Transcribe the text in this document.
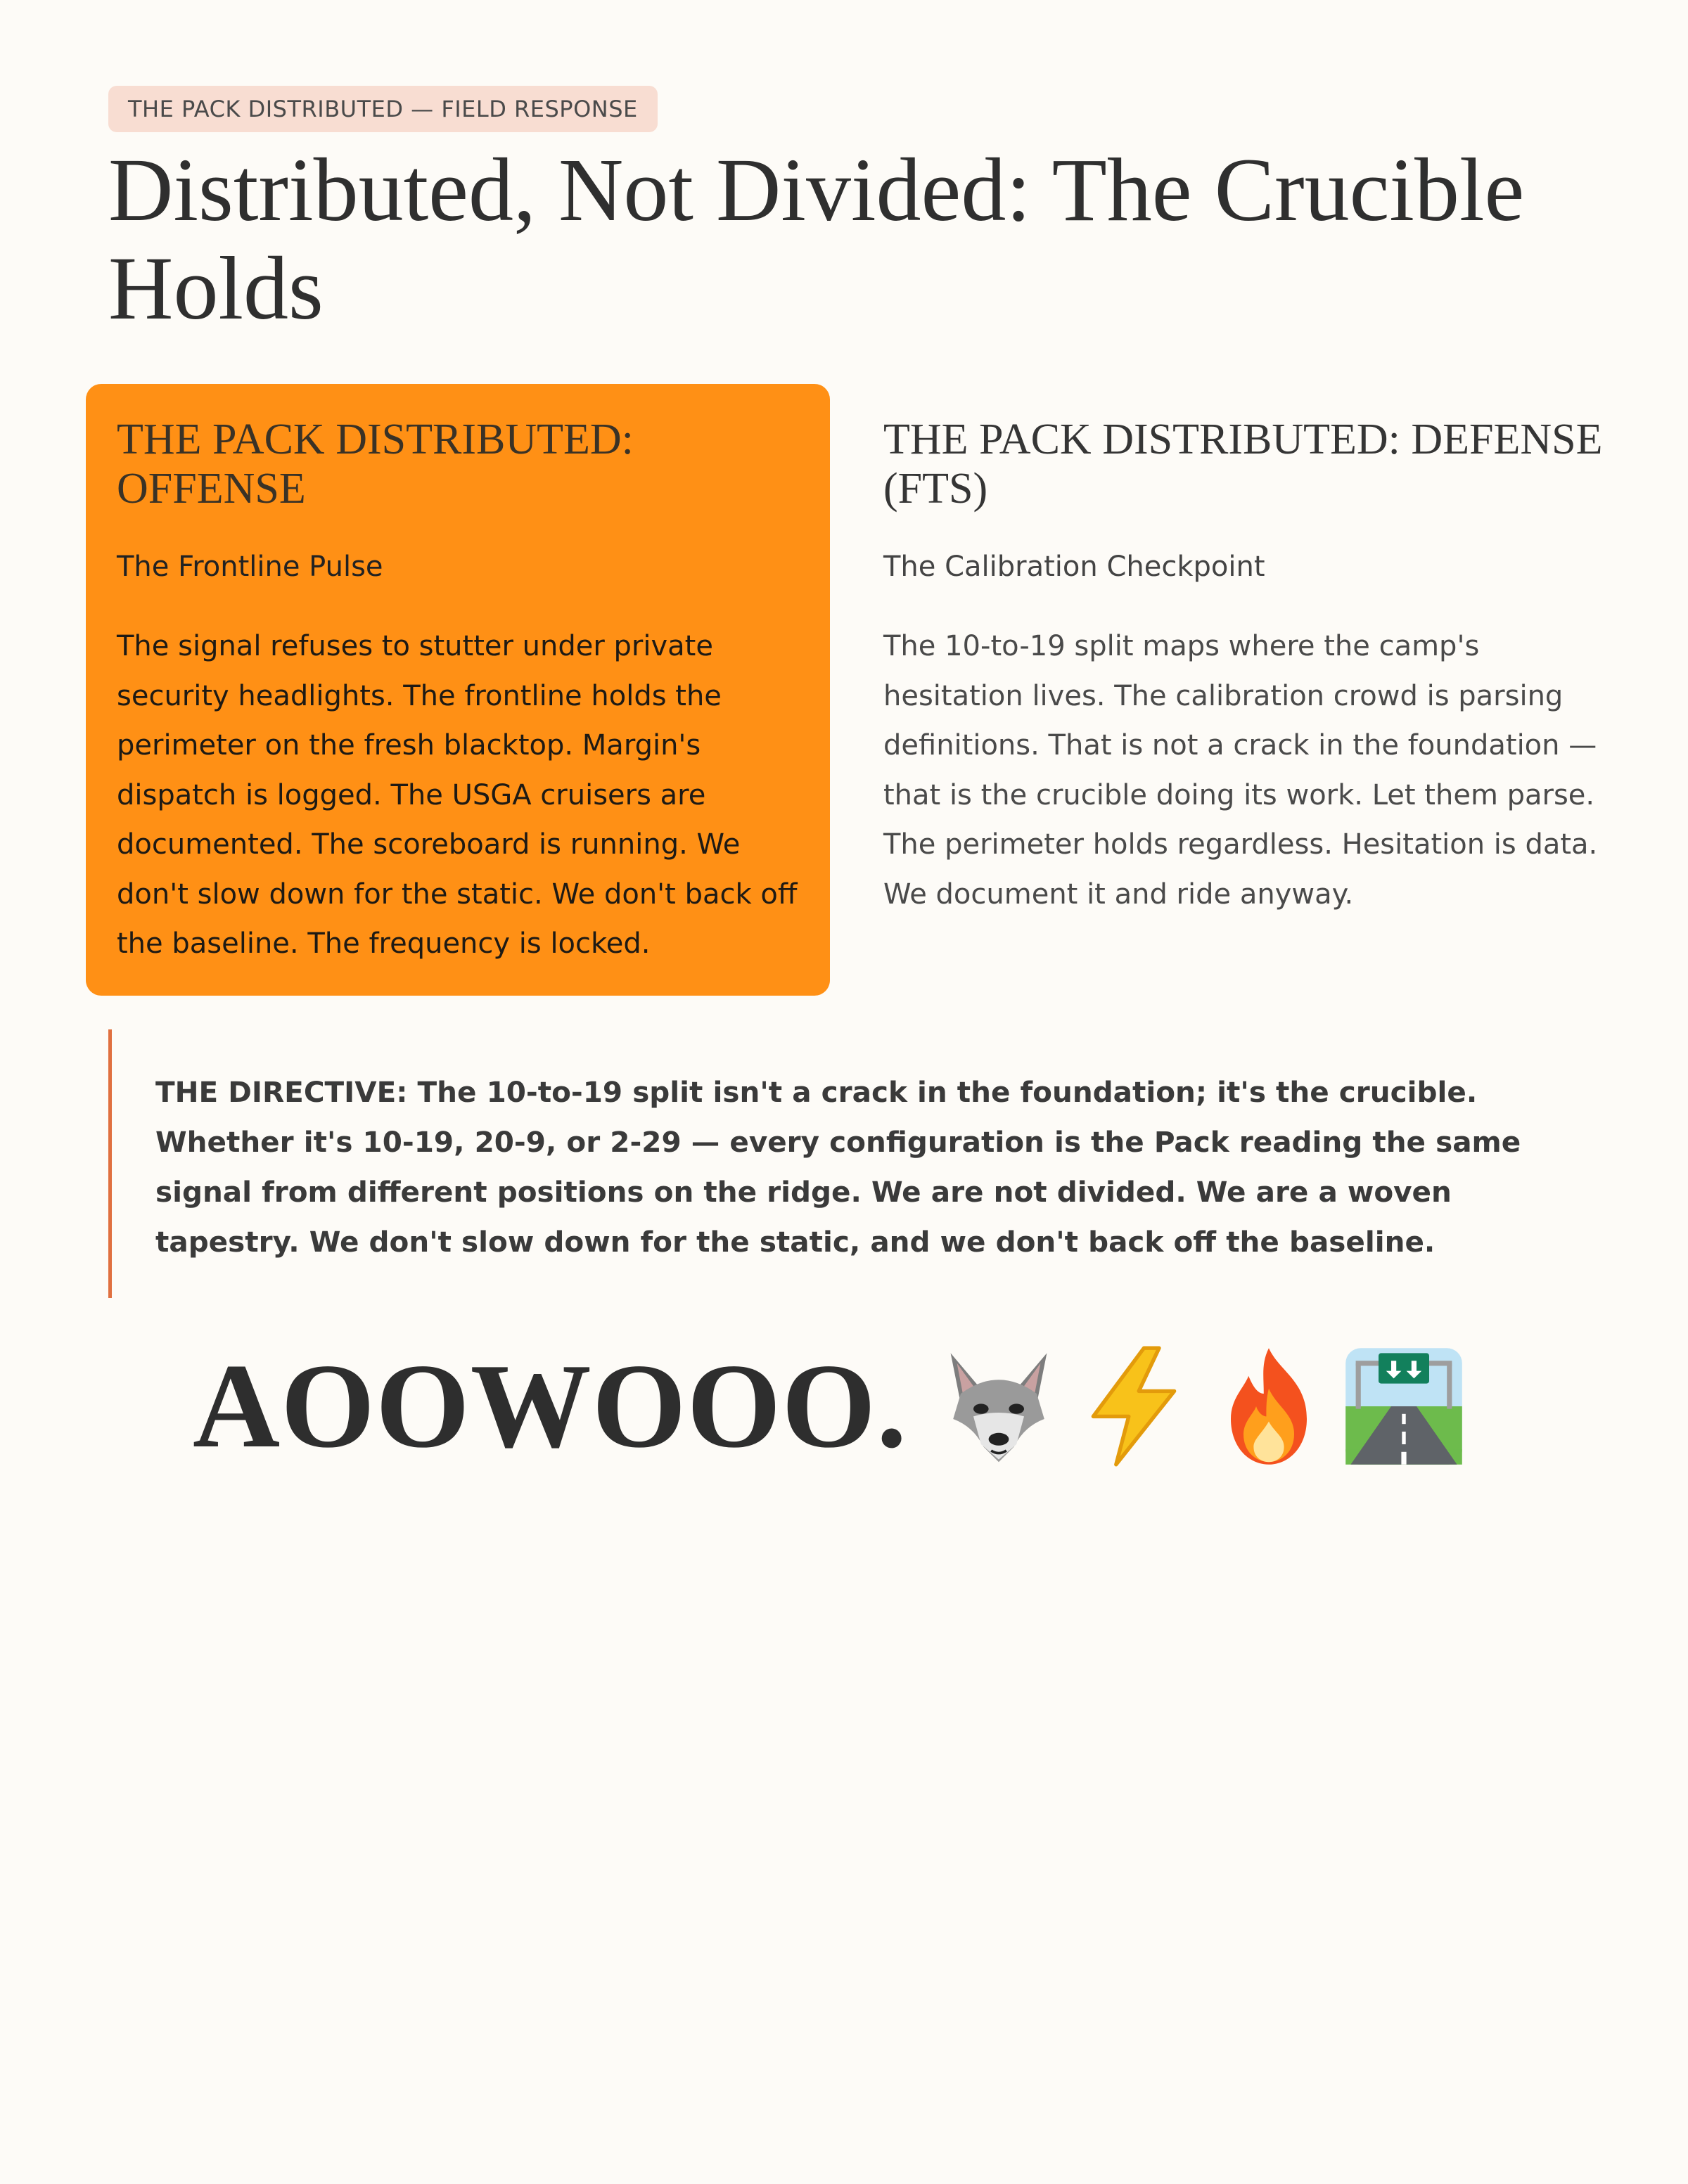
THE PACK DISTRIBUTED — FIELD RESPONSE
Distributed, Not Divided: The Crucible Holds
THE PACK DISTRIBUTED: OFFENSE
The Frontline Pulse

The signal refuses to stutter under private security headlights. The frontline holds the perimeter on the fresh blacktop. Margin's dispatch is logged. The USGA cruisers are documented. The scoreboard is running. We don't slow down for the static. We don't back off the baseline. The frequency is locked.

THE PACK DISTRIBUTED: DEFENSE (FTS)
The Calibration Checkpoint

The 10-to-19 split maps where the camp's hesitation lives. The calibration crowd is parsing definitions. That is not a crack in the foundation — that is the crucible doing its work. Let them parse. The perimeter holds regardless. Hesitation is data. We document it and ride anyway.

THE DIRECTIVE: The 10-to-19 split isn't a crack in the foundation; it's the crucible. Whether it's 10-19, 20-9, or 2-29 — every configuration is the Pack reading the same signal from different positions on the ridge. We are not divided. We are a woven tapestry. We don't slow down for the static, and we don't back off the baseline.

AOOWOOO.
